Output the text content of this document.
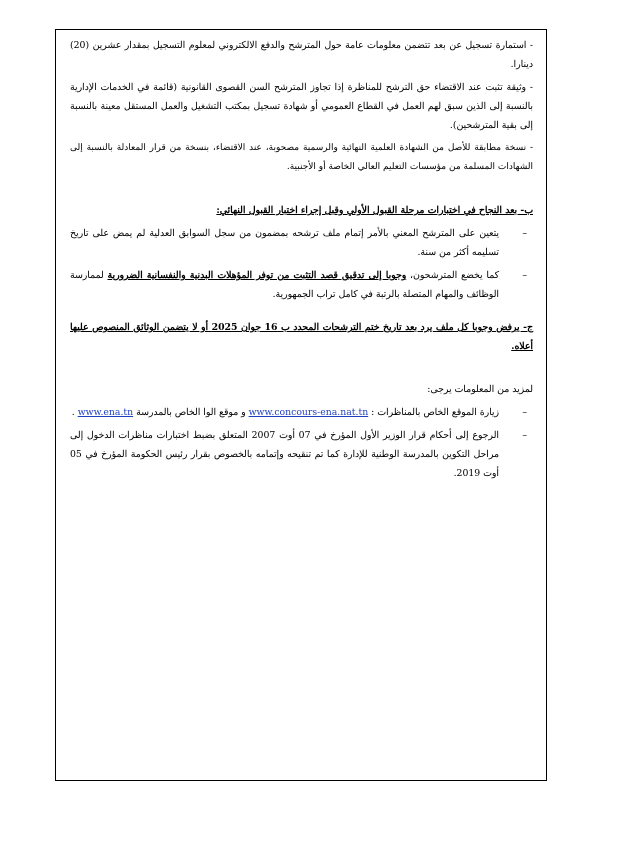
- استمارة تسجيل عن بعد تتضمن معلومات عامة حول المترشح والدفع الالكتروني لمعلوم التسجيل بمقدار عشرين (20) دينارا.

- وثيقة تثبت عند الاقتضاء حق الترشح للمناظرة إذا تجاوز المترشح السن القصوى القانونية (قائمة في الخدمات الإدارية بالنسبة إلى الذين سبق لهم العمل في القطاع العمومي أو شهادة تسجيل بمكتب التشغيل والعمل المستقل معينة بالنسبة إلى بقية المترشحين).

- نسخة مطابقة للأصل من الشهادة العلمية النهائية والرسمية مصحوبة، عند الاقتضاء، بنسخة من قرار المعادلة بالنسبة إلى الشهادات المسلمة من مؤسسات التعليم العالي الخاصة أو الأجنبية.

ب- بعد النجاح في اختبارات مرحلة القبول الأولي وقبل إجراء اختبار القبول النهائي:

–
يتعين على المترشح المعني بالأمر إتمام ملف ترشحه بمضمون من سجل السوابق العدلية لم يمض على تاريخ تسليمه أكثر من سنة.

–
كما يخضع المترشحون، وجوبا إلى تدقيق قصد التثبت من توفر المؤهلات البدنية والنفسانية الضرورية لممارسة الوظائف والمهام المتصلة بالرتبة في كامل تراب الجمهورية.

ج- يرفض وجوبا كل ملف يرد بعد تاريخ ختم الترشحات المحدد ب 16 جوان 2025 أو لا يتضمن الوثائق المنصوص عليها أعلاه.

لمزيد من المعلومات يرجى:

–
زيارة الموقع الخاص بالمناظرات : www.concours-ena.nat.tn و موقع الوا الخاص بالمدرسة www.ena.tn .

–
الرجوع إلى أحكام قرار الوزير الأول المؤرخ في 07 أوت 2007 المتعلق بضبط اختبارات مناظرات الدخول إلى مراحل التكوين بالمدرسة الوطنية للإدارة كما تم تنقيحه وإتمامه بالخصوص بقرار رئيس الحكومة المؤرخ في 05 أوت 2019.
